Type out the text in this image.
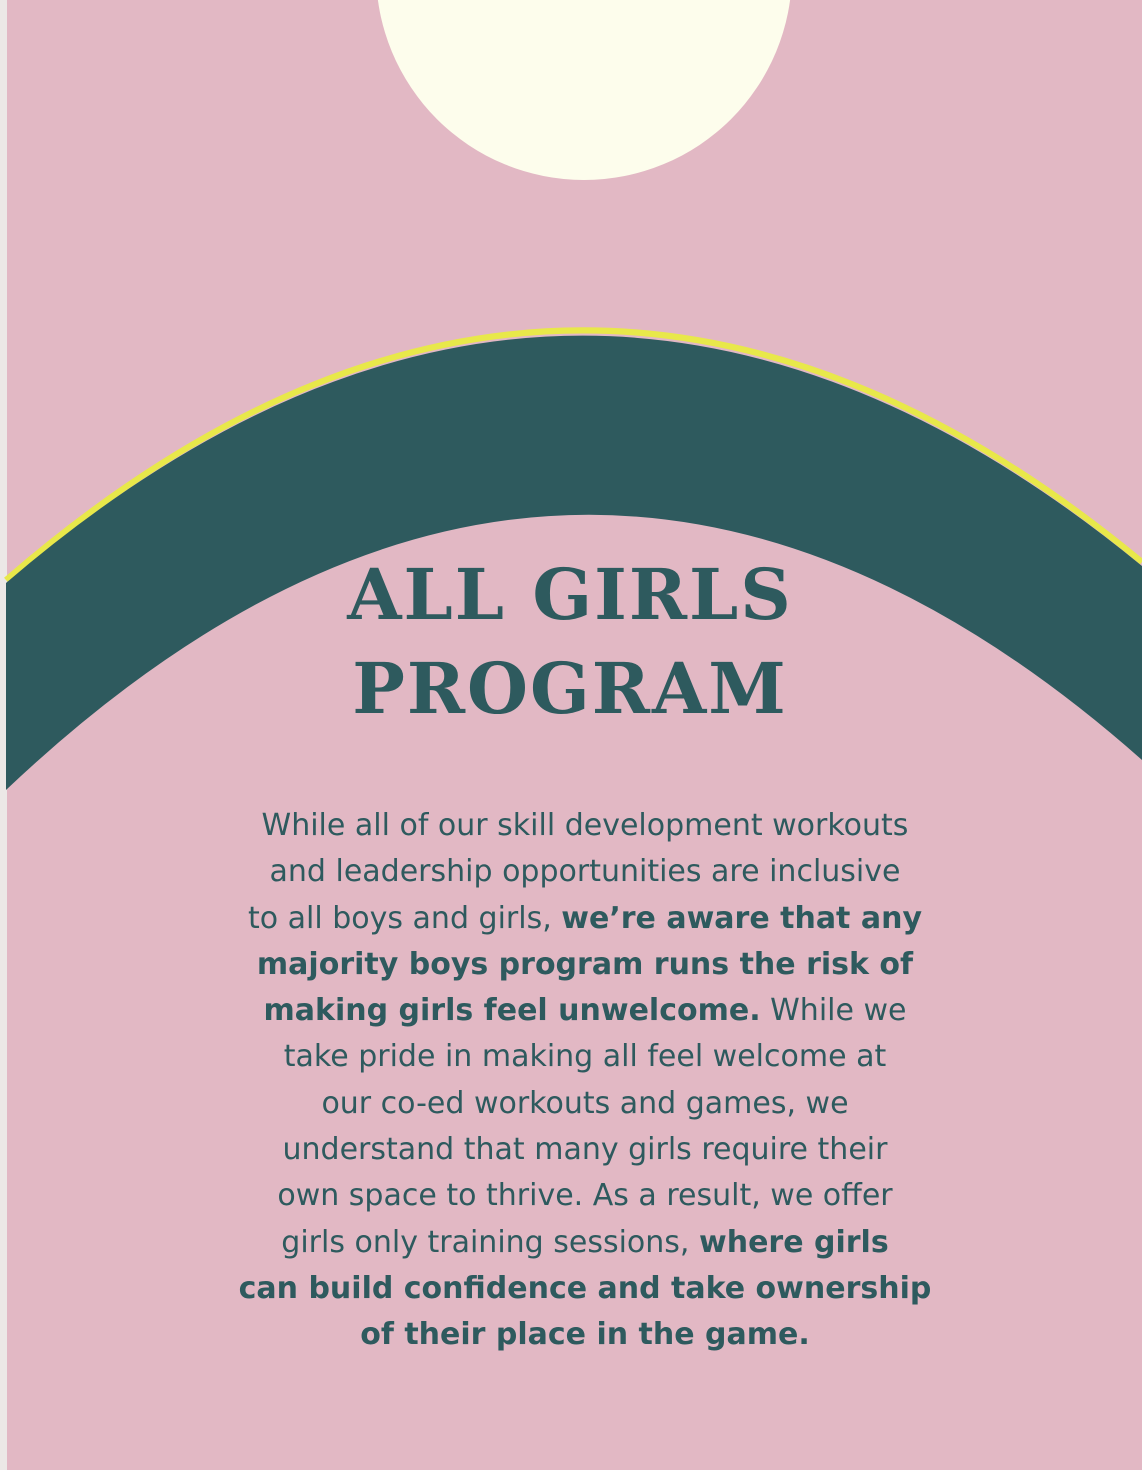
ALL GIRLS
PROGRAM

While all of our skill development workouts
and leadership opportunities are inclusive
to all boys and girls, we’re aware that any
majority boys program runs the risk of
making girls feel unwelcome. While we
take pride in making all feel welcome at
our co-ed workouts and games, we
understand that many girls require their
own space to thrive. As a result, we offer
girls only training sessions, where girls
can build confidence and take ownership
of their place in the game.
